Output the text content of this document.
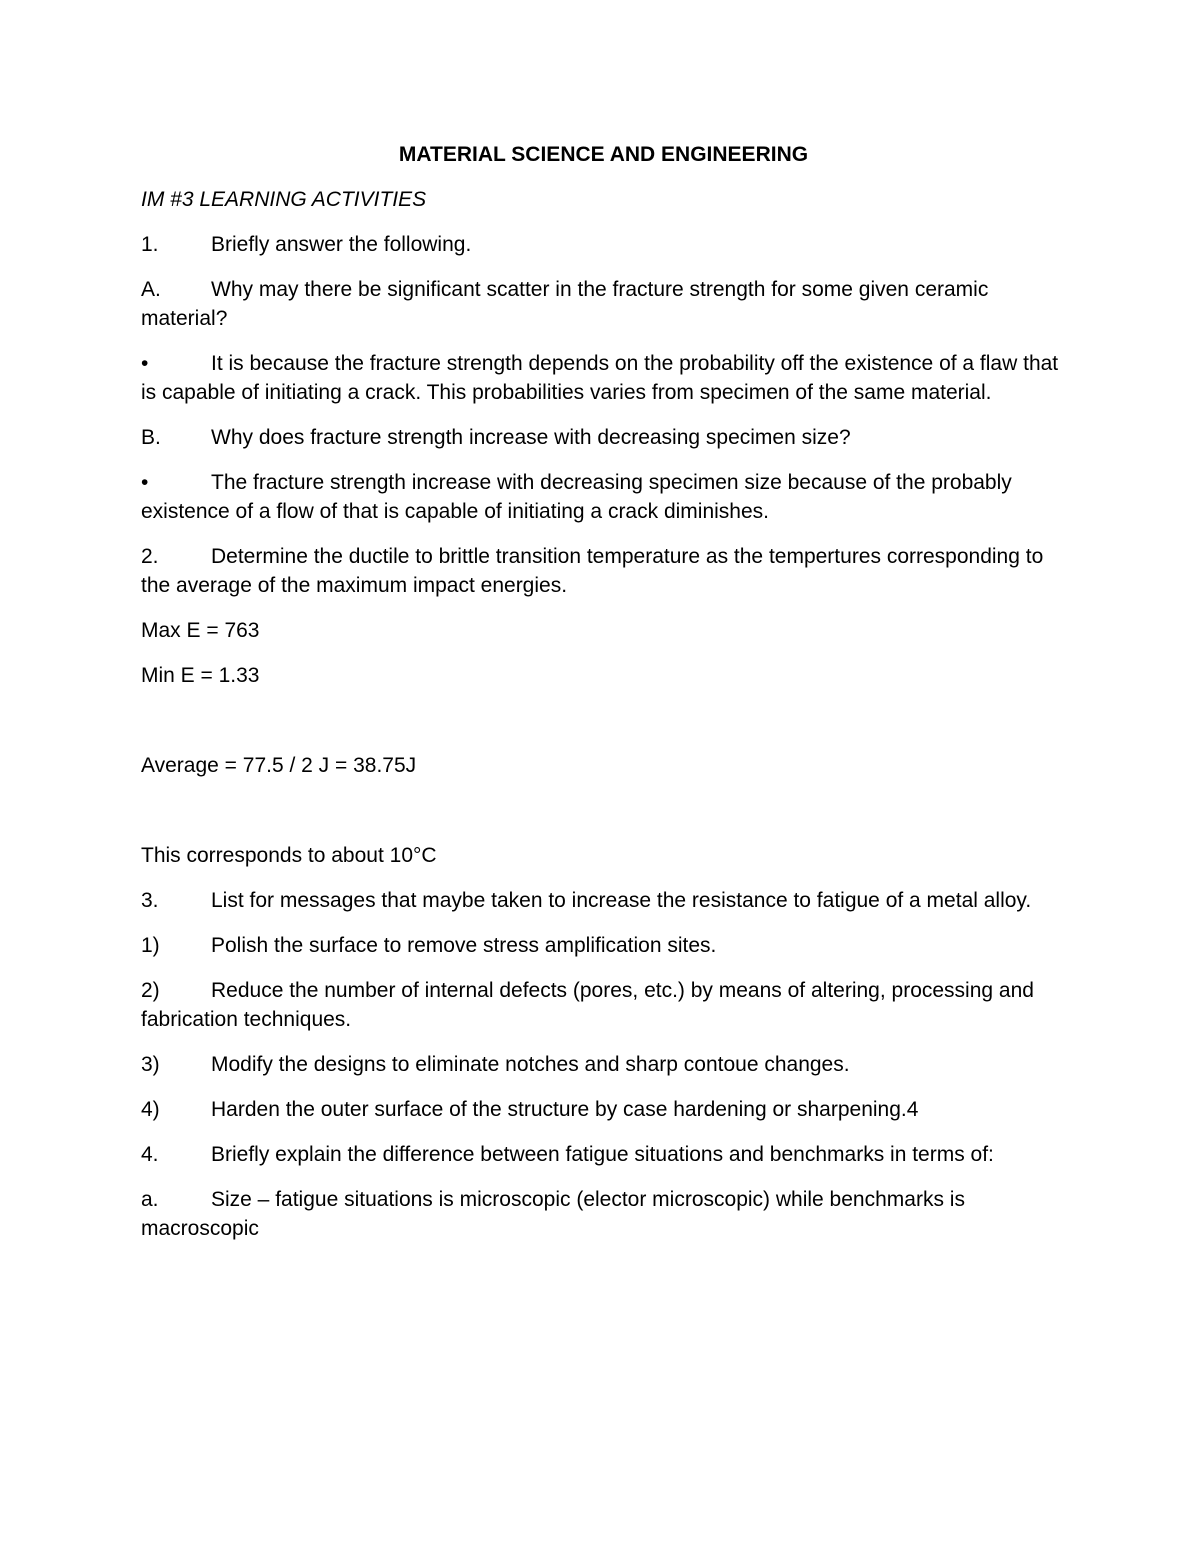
MATERIAL SCIENCE AND ENGINEERING
IM #3 LEARNING ACTIVITIES
1. Briefly answer the following.
A. Why may there be significant scatter in the fracture strength for some given ceramic material?
•	It is because the fracture strength depends on the probability off the existence of a flaw that is capable of initiating a crack. This probabilities varies from specimen of the same material.
B. Why does fracture strength increase with decreasing specimen size?
•	The fracture strength increase with decreasing specimen size because of the probably existence of a flow of that is capable of initiating a crack diminishes.
2. Determine the ductile to brittle transition temperature as the tempertures corresponding to the average of the maximum impact energies.
Max E = 763
Min E = 1.33
Average = 77.5 / 2 J = 38.75J
This corresponds to about 10°C
3. List for messages that maybe taken to increase the resistance to fatigue of a metal alloy.
1) Polish the surface to remove stress amplification sites.
2) Reduce the number of internal defects (pores, etc.) by means of altering, processing and fabrication techniques.
3) Modify the designs to eliminate notches and sharp contoue changes.
4) Harden the outer surface of the structure by case hardening or sharpening.4
4. Briefly explain the difference between fatigue situations and benchmarks in terms of:
a. Size – fatigue situations is microscopic (elector microscopic) while benchmarks is macroscopic
